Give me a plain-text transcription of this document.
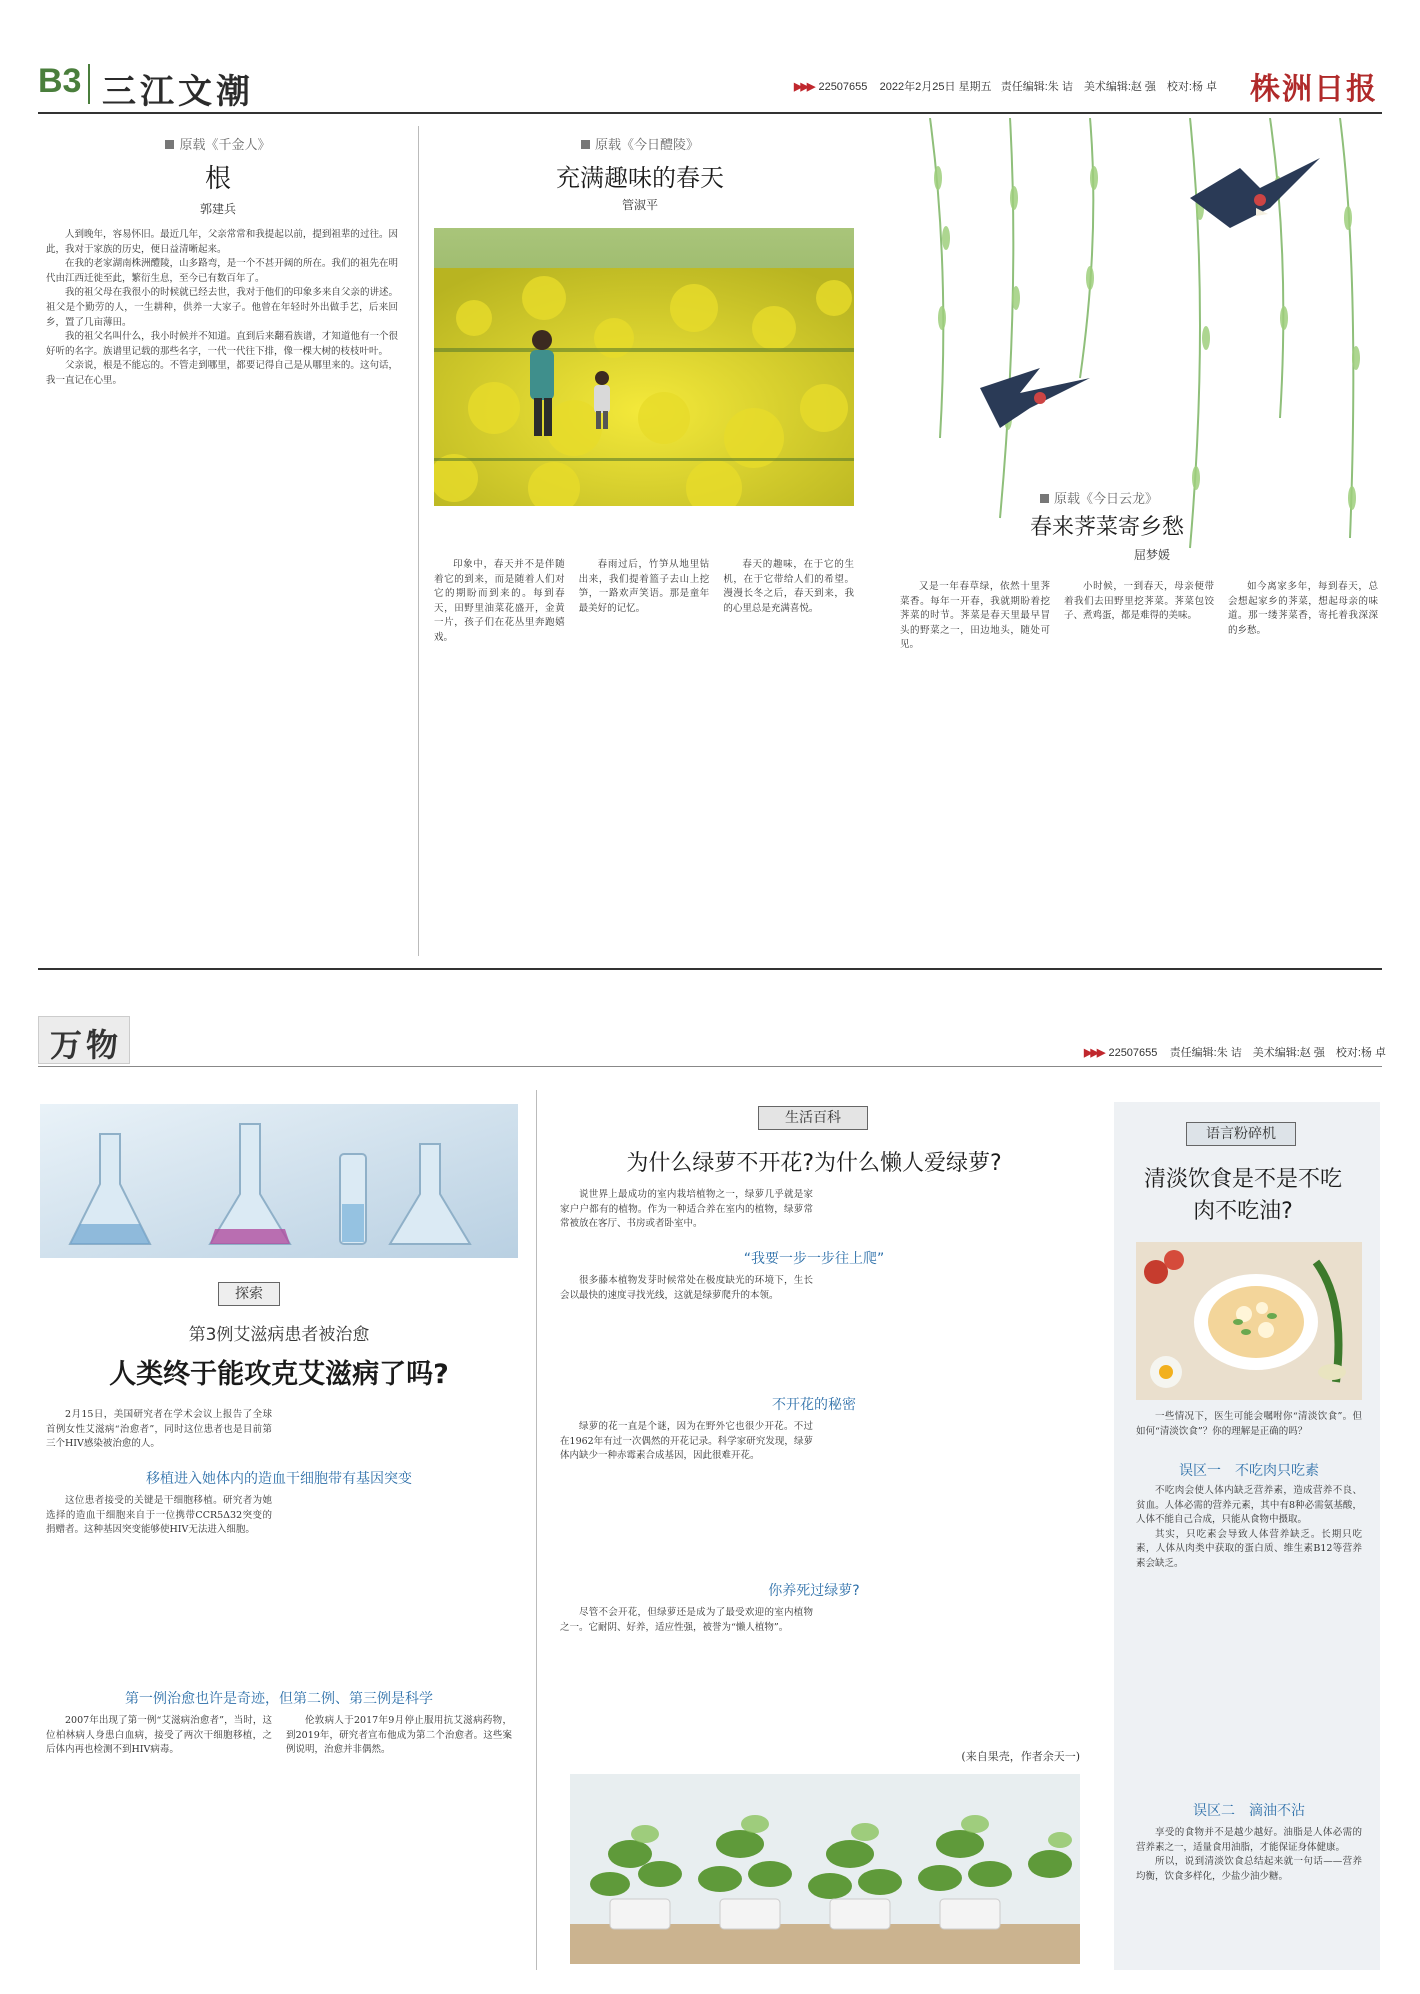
B3 三江文潮	▶▶▶ 22507655 2022年2月25日 星期五 责任编辑:朱 诘　美术编辑:赵 强　校对:杨 卓 株洲日报
原载《千金人》
根
郭建兵

人到晚年，容易怀旧。最近几年，父亲常常和我提起以前，提到祖辈的过往。因此，我对于家族的历史，便日益清晰起来。

在我的老家湖南株洲醴陵，山多路弯，是一个不甚开阔的所在。我们的祖先在明代由江西迁徙至此，繁衍生息，至今已有数百年了。

我的祖父母在我很小的时候就已经去世，我对于他们的印象多来自父亲的讲述。祖父是个勤劳的人，一生耕种，供养一大家子。他曾在年轻时外出做手艺，后来回乡，置了几亩薄田。

我的祖父名叫什么，我小时候并不知道。直到后来翻看族谱，才知道他有一个很好听的名字。族谱里记载的那些名字，一代一代往下排，像一棵大树的枝枝叶叶。

父亲说，根是不能忘的。不管走到哪里，都要记得自己是从哪里来的。这句话，我一直记在心里。

原载《今日醴陵》
充满趣味的春天
管淑平

印象中，春天并不是伴随着它的到来，而是随着人们对它的期盼而到来的。每到春天，田野里油菜花盛开，金黄一片，孩子们在花丛里奔跑嬉戏。

春雨过后，竹笋从地里钻出来，我们提着篮子去山上挖笋，一路欢声笑语。那是童年最美好的记忆。

春天的趣味，在于它的生机，在于它带给人们的希望。漫漫长冬之后，春天到来，我的心里总是充满喜悦。

原载《今日云龙》
春来荠菜寄乡愁
屈梦媛

又是一年春草绿，依然十里荠菜香。每年一开春，我就期盼着挖荠菜的时节。荠菜是春天里最早冒头的野菜之一，田边地头，随处可见。

小时候，一到春天，母亲便带着我们去田野里挖荠菜。荠菜包饺子、煮鸡蛋，都是难得的美味。

如今离家多年，每到春天，总会想起家乡的荠菜，想起母亲的味道。那一缕荠菜香，寄托着我深深的乡愁。

万物	▶▶▶ 22507655 责任编辑:朱 诘　美术编辑:赵 强　校对:杨 卓
探索
第3例艾滋病患者被治愈
人类终于能攻克艾滋病了吗?

2月15日，美国研究者在学术会议上报告了全球首例女性艾滋病“治愈者”，同时这位患者也是目前第三个HIV感染被治愈的人。

移植进入她体内的造血干细胞带有基因突变

这位患者接受的关键是干细胞移植。研究者为她选择的造血干细胞来自于一位携带CCR5Δ32突变的捐赠者。这种基因突变能够使HIV无法进入细胞。

第一例治愈也许是奇迹，但第二例、第三例是科学

2007年出现了第一例“艾滋病治愈者”，当时，这位柏林病人身患白血病，接受了两次干细胞移植，之后体内再也检测不到HIV病毒。

伦敦病人于2017年9月停止服用抗艾滋病药物，到2019年，研究者宣布他成为第二个治愈者。这些案例说明，治愈并非偶然。

生活百科
为什么绿萝不开花?为什么懒人爱绿萝?

说世界上最成功的室内栽培植物之一，绿萝几乎就是家家户户都有的植物。作为一种适合养在室内的植物，绿萝常常被放在客厅、书房或者卧室中。

“我要一步一步往上爬”

很多藤本植物发芽时候常处在极度缺光的环境下，生长会以最快的速度寻找光线，这就是绿萝爬升的本领。

不开花的秘密

绿萝的花一直是个谜，因为在野外它也很少开花。不过在1962年有过一次偶然的开花记录。科学家研究发现，绿萝体内缺少一种赤霉素合成基因，因此很难开花。

你养死过绿萝?

尽管不会开花，但绿萝还是成为了最受欢迎的室内植物之一。它耐阴、好养，适应性强，被誉为“懒人植物”。

(来自果壳，作者余天一)
语言粉碎机
清淡饮食是不是不吃肉不吃油?

一些情况下，医生可能会嘱咐你“清淡饮食”。但如何“清淡饮食”？你的理解是正确的吗？

误区一　不吃肉只吃素

不吃肉会使人体内缺乏营养素，造成营养不良、贫血。人体必需的营养元素，其中有8种必需氨基酸，人体不能自己合成，只能从食物中摄取。

其实，只吃素会导致人体营养缺乏。长期只吃素，人体从肉类中获取的蛋白质、维生素B12等营养素会缺乏。

误区二　滴油不沾

享受的食物并不是越少越好。油脂是人体必需的营养素之一，适量食用油脂，才能保证身体健康。

所以，说到清淡饮食总结起来就一句话——营养均衡，饮食多样化，少盐少油少糖。
